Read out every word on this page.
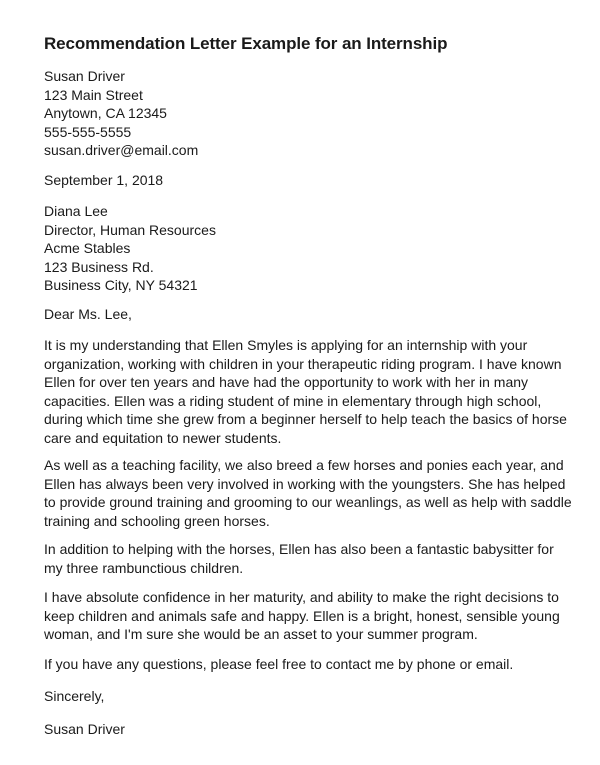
Recommendation Letter Example for an Internship
Susan Driver
123 Main Street
Anytown, CA 12345
555-555-5555
susan.driver@email.com
September 1, 2018
Diana Lee
Director, Human Resources
Acme Stables
123 Business Rd.
Business City, NY 54321
Dear Ms. Lee,

It is my understanding that Ellen Smyles is applying for an internship with your organization, working with children in your therapeutic riding program. I have known Ellen for over ten years and have had the opportunity to work with her in many capacities. Ellen was a riding student of mine in elementary through high school, during which time she grew from a beginner herself to help teach the basics of horse care and equitation to newer students.

As well as a teaching facility, we also breed a few horses and ponies each year, and Ellen has always been very involved in working with the youngsters. She has helped to provide ground training and grooming to our weanlings, as well as help with saddle training and schooling green horses.

In addition to helping with the horses, Ellen has also been a fantastic babysitter for my three rambunctious children.

I have absolute confidence in her maturity, and ability to make the right decisions to keep children and animals safe and happy. Ellen is a bright, honest, sensible young woman, and I'm sure she would be an asset to your summer program.

If you have any questions, please feel free to contact me by phone or email.

Sincerely,
Susan Driver
